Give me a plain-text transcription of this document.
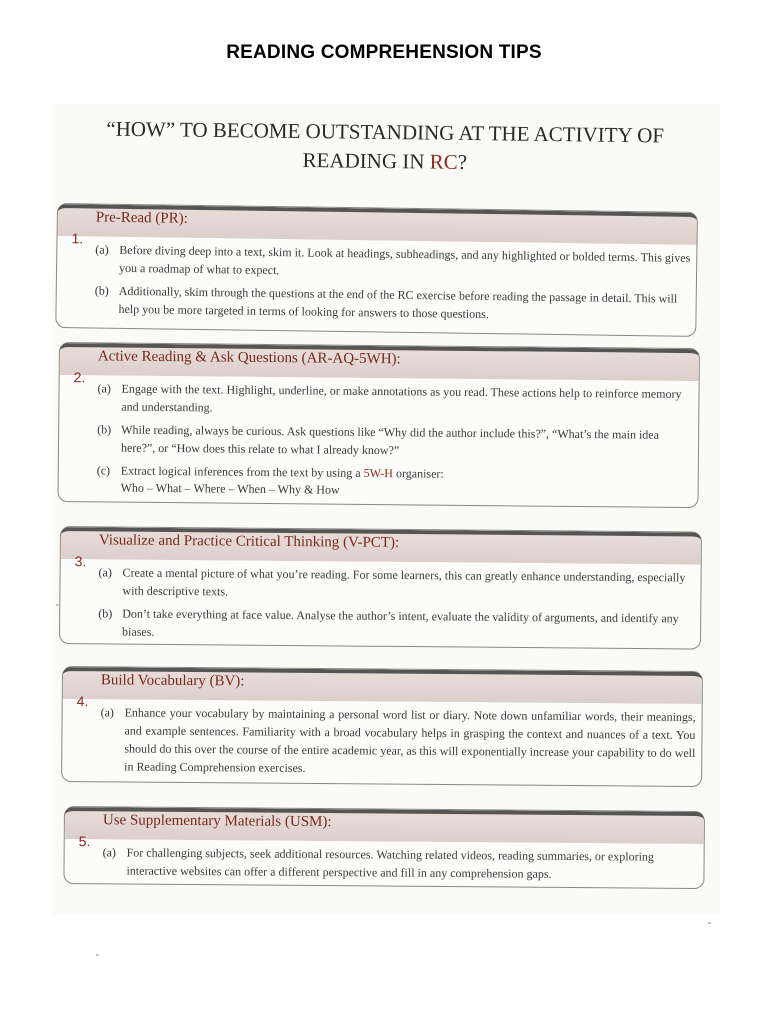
READING COMPREHENSION TIPS
“HOW” TO BECOME OUTSTANDING AT THE ACTIVITY OF
READING IN RC?
Pre-Read (PR):
1.
(a) Before diving deep into a text, skim it. Look at headings, subheadings, and any highlighted or bolded terms. This gives you a roadmap of what to expect.
(b) Additionally, skim through the questions at the end of the RC exercise before reading the passage in detail. This will help you be more targeted in terms of looking for answers to those questions.
Active Reading & Ask Questions (AR-AQ-5WH):
2.
(a) Engage with the text. Highlight, underline, or make annotations as you read. These actions help to reinforce memory and understanding.
(b) While reading, always be curious. Ask questions like “Why did the author include this?”, “What’s the main idea here?”, or “How does this relate to what I already know?”
(c) Extract logical inferences from the text by using a 5W-H organiser:
Who – What – Where – When – Why & How
Visualize and Practice Critical Thinking (V-PCT):
3.
(a) Create a mental picture of what you’re reading. For some learners, this can greatly enhance understanding, especially with descriptive texts.
(b) Don’t take everything at face value. Analyse the author’s intent, evaluate the validity of arguments, and identify any biases.
Build Vocabulary (BV):
4.
(a) Enhance your vocabulary by maintaining a personal word list or diary. Note down unfamiliar words, their meanings, and example sentences. Familiarity with a broad vocabulary helps in grasping the context and nuances of a text. You should do this over the course of the entire academic year, as this will exponentially increase your capability to do well in Reading Comprehension exercises.
Use Supplementary Materials (USM):
5.
(a) For challenging subjects, seek additional resources. Watching related videos, reading summaries, or exploring interactive websites can offer a different perspective and fill in any comprehension gaps.
